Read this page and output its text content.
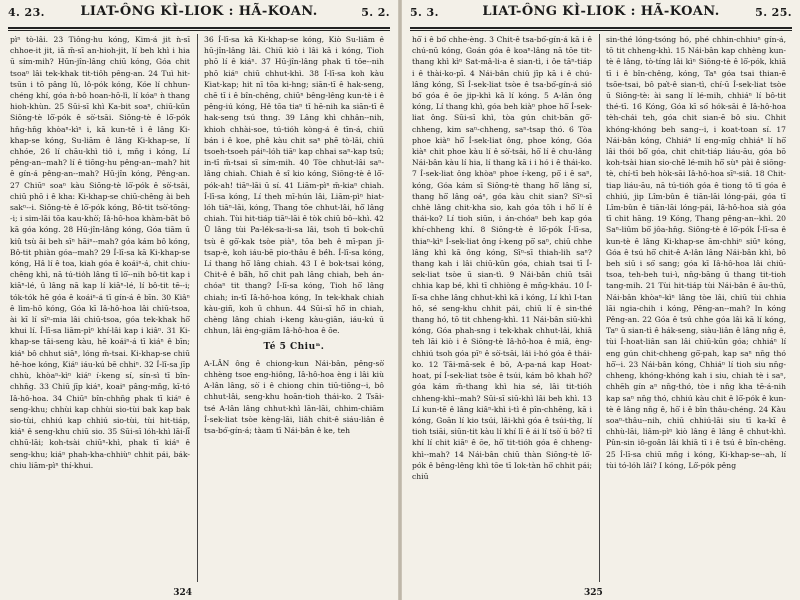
4. 23.	LIAT-ÔNG KÌ-LIOK : HÃ-KOAN.	5. 2.

pìⁿ tò-lâi. 23 Tiông-hu kóng, Kim-á jit ǹ-sī chhoe-it jit, iā m̄-sī an-hioh-jit, lí beh khì i hia ū sím-mih? Hūn-jîn-lâng chiū kóng, Góa chit tsoaⁿ lâi tek-khak tit-tiôh pêng-an. 24 Tuì hit-tsūn i tō pâng lû, lô-pók kóng, Kóe lí chhun-chéng khí, góa ǹ-bô hoan-hō-lì, lí kóaⁿ ǹ thang hioh-khùn. 25 Sūi-sī khì Ka-bit soaⁿ, chiū-kūn Siōng-tè lō͘-pók ê sò͘-tsāi. Siōng-tè ê lō͘-pók hn̄g-hn̄g khòaⁿ-kìⁿ i, kā kun-tē ì ê lâng Ki-khap-se kóng, Su-liām ê lâng Ki-khap-se, lí chhóe, 26 lí chāu-khì tiô i, mn̄g i kóng, Lí pêng-an--mah? lí ê tiōng-hu pêng-an--mah? hit ê gín-á pêng-an--mah? Hū-jîn kóng, Pêng-an. 27 Chiūⁿ soaⁿ kàu Siōng-tè lō͘-pók ê sò͘-tsāi, chiū phō i ê kha: Ki-khap-se chiū-chêng ài beh sakⁿ--i. Siōng-tè ê lō͘-pók kóng, Bô-tit tsò͘-tōng--i; i sim-lāi tōa kau-khò͘; Iâ-hô-hoa khàm-bāt bô kā góa kóng. 28 Hū-jîn-lâng kóng, Góa tiām ū kiû tsù āi beh sīⁿ hāiⁿ--mah? góa kám bô kóng, Bô-tit phiàn góa--mah? 29 Í-lī-sa kā Ki-khap-se kóng, Hâ lí ê toa, kiah góa ê koáiⁿ-á, chit chiu-chêng khì, nā tú-tio̍h lâng tī lō͘--nih bô-tit kap i kiāⁿ-lé, ū lâng nā kap lí kiāⁿ-lé, lí bô-tit tē--i; tók-tók hē góa ê koáiⁿ-á tī gín-á ê bīn. 30 Kiâⁿ ê lìm-hō kóng, Góa kī Iâ-hô-hoa lâi chiū-tsoa, ài kī lí sīⁿ-mia lâi chiū-tsoa, góa tek-khak hō͘ khui lí. Í-lī-sa liām-pìⁿ khí-lâi kap i kiâⁿ. 31 Ki-khap-se tāi-seng kàu, hē koáiⁿ-á tī kiáⁿ ê bīn; kiáⁿ bô chhut siāⁿ, lóng m̄-tsai. Ki-khap-se chiū hê-hoe kóng, Kiáⁿ iáu-kú bē chhiⁿ. 32 Í-lī-sa jīp chhù, khòaⁿ-kìⁿ kiáⁿ í-keng sí, sín-sì tī bîn-chhn̄g. 33 Chiū jīp kiáⁿ, koaiⁿ pâng-mn̄g, kī-tó Iâ-hô-hoa. 34 Chiūⁿ bîn-chhn̄g phak tī kiáⁿ ê seng-khu; chhùi kap chhùi sio-tùi bak kap bak sio-tùi, chhiú kap chhiú sio-tùi, tùi hit-tiáp, kiáⁿ ê seng-khu chiū sio. 35 Sūi-sī lóh-khì lāi-lī͡ chhū-lāi; koh-tsài chiūⁿ-khì, phak tī kiáⁿ ê seng-khu; kiáⁿ phah-kha-chhiùⁿ chhit pái, bák-chiu liām-pìⁿ thí-khui.

36 Í-lī-sa kā Ki-khap-se kóng, Kiò Su-liām ê hū-jîn-lâng lâi. Chiū kiò i lâi kā i kóng, Tioh phō lí ê kiáⁿ. 37 Hū-jîn-lâng phak tī tōe--nih phō kiáⁿ chiū chhut-khì. 38 Í-lī-sa koh kàu Kiat-kap; hit nī tōa ki-hng; siān-tī ê hak-seng, chē tī i ê bîn-chêng, chiūⁿ bêng-lêng kun-tè i ê pêng-iú kóng, Hê tōa tiaⁿ tī hē-nih ka siān-tī ê hak-seng tsú thng. 39 Lâng khì chhân--nih, khioh chhài-soe, tú-tióh kòng-á ê tīn-á, chiū bán i ê koe, phê kàu chit saⁿ phē tò-lāi, chiū tsoeh-tsoeh páiⁿ-lóh tiāⁿ kap chhai saⁿ-kap tsū; in-tī m̄-tsai sī sím-mih. 40 Tòe chhut-lâi saⁿ-lâng chiah. Chiah ê sî kio kóng, Siōng-tè ê lō͘-pók-ah! tiāⁿ-lāi ū sí. 41 Liām-pìⁿ m̄-kiaⁿ chiah. Í-lī-sa kóng, Lí theh mī-hún lâi, Liām-pìⁿ hiat-lóh tiāⁿ-lāi, kóng, Thang tōe chhut-lâi, hō͘ lâng chiah. Tùi hit-tiáp tiāⁿ-lāi ê tòk chiū bô--khì. 42 Ū lâng tùi Pa-lék-sa-li-sa lâi, tsoh tī bok-chū tsù ê gō͘-kak tsòe piàⁿ, tōa beh ê mī-pan jī-tsap-è, koh iáu-bē pio-thâu ê bé́h. Í-lī-sa kóng, Lí thang hō͘ lâng chiah. 43 I ê bok-tsai kóng, Chit-ê ê bā́h, hō͘ chit pah lâng chiah, beh án-chóaⁿ tit thang? Í-lī-sa kóng, Tioh hō͘ lâng chiah; in-tī Iâ-hô-hoa kóng, In tek-khak chiah kàu-giñ, koh ū chhun. 44 Sūi-sī hō͘ in chiah, chèng lâng chiah i-keng kàu-giān, iáu-kú ū chhun, lâi èng-giām Iâ-hô-hoa ê ōe.

Té 5 Chiuⁿ.

A-LÂN ông ê chiong-kun Nái-bân, pêng-sò͘ chhèng tsoe eng-hiông, Iâ-hô-hoa èng i lâi kiù A-lân lâng, sò͘ i ê chiong chin tiū-tiōng--i, bô chhut-lâi, seng-khu hoān-tioh thái-ko. 2 Tsāi-tsé A-lân lâng chhut-khì lān-lāi, chhim-chiām Í-sek-liat tsòe kèng-lāi, liâh chit-ê siáu-liân ê tsa-bó͘-gín-á; tàam tī Nái-bân ê ke, teh

324
5. 3.	LIAT-ÔNG KÌ-LIOK : HÃ-KOAN.	5. 25.

hō͘ i ê bó͘ chhe-èng. 3 Chit-ê tsa-bó͘-gín-á kā i ê chú-nū kóng, Goán góa ê koaⁿ-lâng nā tōe tit-thang khì kìⁿ Sat-mâ-li-a ê sian-tì, i ôe tāⁿ-tiáp i ê thài-ko-pī. 4 Nái-bân chiū jīp kā i ê chú-lâng kóng, Sī Í-sek-liat tsòe ê tsa-bó͘-gín-á sió bó͘ góa ê ōe jip-khì kā lí kóng. 5 A-lân ông kóng, Lí thang khì, góa beh kiàⁿ phoe hō͘ Í-sek-liat ông. Sūi-sī khì, tòa gún chit-bān gō͘-chheng, kim saⁿ-chheng, saⁿ-tsap thó. 6 Tòa phoe kiàⁿ hō͘ Í-sek-liat ông, phoe kóng, Góa kiàⁿ chit phoe kàu lí ê sò͘-tsāi, hō͘ lí ê chu-lâng Nái-bân kàu lí hia, lí thang kā i i hó i ê thái-ko. 7 Í-sek-liat ông khòaⁿ phoe í-keng, pō͘ i ê saⁿ, kóng, Góa kám sī Siōng-tè thang hō͘ lâng sí, thang hō͘ lâng oáⁿ, góa kàu chit sian? Sīⁿ-sī chhè lâng chit-kha sio, kah góa tōh i hō͘ lí ê thái-ko? Lí tioh siūn, i án-chóaⁿ beh kap góa khí-chheng khí. 8 Siōng-tè ê lō͘-pók Í-lī-sa, thiaⁿ-kìⁿ Í-sek-liat ông í-keng pō͘ saⁿ, chiū chhe lâng khì kā ông kóng, Sīⁿ-sī thiah-lih saⁿ? thang kah i lâi chiū-kūn góa, chiah tsai tī Í-sek-liat tsòe ū sian-tì. 9 Nái-bân chiū tsāi chhia kap bé, khì tī chhiòng ê mn̄g-kháu. 10 Í-lī-sa chhe lâng chhut-khì kā i kóng, Lí khì I-tan hō, sé seng-khu chhit pái, chiū lí ê sin-thé thang hó, tō tit chheng-khì. 11 Nái-bân siū-khì kóng, Góa phah-sng i tek-khak chhut-lâi, khiā teh lāi kiò i ê Siōng-tè Iâ-hô-hoa ê miâ, èng-chhiú tsoh góa pīⁿ ê sò͘-tsāi, lái i-hó góa ê thái-ko. 12 Tāi-mā-sek ê bō, A-pa-ná kap Hoat-hoat, pí Í-sek-liat tsòe ê tsúi, kám bô khah hó͘? góa kám m̄-thang khì hia sé, lâi tit-tióh chheng-khì--mah? Sūi-sī siū-khì lâi beh khì. 13 Lí kun-tē ê lâng kiâⁿ-khì i-tì ê pîn-chhêng, kā i kóng, Goān lí kio tsúi, lâi-khì góa ê tsúi-tǹg, lí tioh tsiāi, siūn-tit kàu lí khí lī ê ái lí tsò͘ ū bô? tī khí lí chit kiāⁿ ê ōe, hō͘ tit-tióh góa ê chheng-khì--mah? 14 Nái-bân chiū thàn Siōng-tè lō͘-pók ê bêng-lêng khì tōe tī Iok-tàn hō͘ chhit pái; chiū

sin-thé lóng-tsóng hó, phé chhin-chhiuⁿ gín-á, tō tit chheng-khì. 15 Nái-bân kap chhèng kun-tè ê lâng, tò-tíng lâi kìⁿ Siōng-tè ê lō͘-pók, khiā tī i ê bîn-chêng, kóng, Taⁿ góa tsai thian-ē tsōe-tsai, bô pa͘t-ê sian-tì, chí-ū Í-sek-liat tsòe ū Siōng-tè: ài sang lí lé-mih, chhiáⁿ lí bô-tit thé-tī. 16 Kóng, Góa kī só͘ hók-sāi ê Iâ-hô-hoa tèh-chái teh, góa chit sian-ē bô siu. Chhit khóng-khóng beh sang--i, i koat-toan sí. 17 Nái-bân kóng, Chhiáⁿ lí eng-mīg chhiáⁿ lí hō͘ lâi thói bô͘ góa, chit chit-tiáp liáu-āu, góa bō koh-tsài hian sio-chē lé-mih hō͘ sùⁿ pài ê siōng-tè, chí-tī beh hòk-sāi Iâ-hô-hoa sīⁿ-siâ. 18 Chit-tiap liáu-āu, nā tú-tióh góa ê tiong tō tī góa ê chhiú, jip Lîm-bûn ê tiān-lāi lóng-pái, góa tī Lîm-bûn ê tiān-lāi lóng-pái, Iâ-hô-hoa sià góa tī chit hāng. 19 Kóng, Thang pêng-an--khì. 20 Saⁿ-liûm bō͘ jôa-hn̄g. Siōng-tè ê lō͘-pók Í-lī-sa ê kun-tè ê lâng Ki-khap-se ām-chhiⁿ siūⁿ kóng, Góa ê tsú hō͘ chit-ê A-lân lâng Nái-bân khì, bô beh siū i só͘ sang; góa kī Iâ-hô-hoa lâi chiū-tsoa, teh-beh tui-ì, nn̄g-bāng ū thang tit-tioh tang-mih. 21 Tùi hit-tiáp tùi Nái-bân ê āu-thū, Nái-bân khòaⁿ-kìⁿ lâng tòe lâi, chiū tùi chhia lāi ngia-chih i kóng, Pêng-an--mah? In kóng Pêng-an. 22 Góa ê tsú chhe góa lâi kā lí kóng, Taⁿ ū sian-tì ê hák-seng, siàu-liân ê lâng nn̄g ê, tùi Í-hoat-liân san lâi chiū-kūn góa; chhiáⁿ lí eng gún chit-chheng gō͘-pah, kap saⁿ nn̄g thó hō͘--i. 23 Nái-bân kóng, Chhiáⁿ lí tioh siu nn̄g-chheng, khóng-khóng kah i siu, chiah tè i saⁿ, chhēh gín aⁿ nn̄g-thó, tòe i nn̄g kha tē-á-nih kap saⁿ nn̄g thó, chhiú kàu chit ê lō͘-pók ê kun-tè ê lâng nn̄g ê, hō͘ i ê bîn thâu-chéng. 24 Kàu soaⁿ-thâu--nih, chiū chhiú-lāi siu tī ka-kī ê chhù-lāi, liâm-pìⁿ kiò lâng ê lâng ê chhut-khì. Pûn-sin iô-goân lâi khiā tī i ê tsú ê bîn-chêng. 25 Í-lī-sa chiū mn̄g i kóng, Ki-khap-se--ah, lí tùi tó-lóh lâi? I kóng, Lô͘-pók pêng

325
